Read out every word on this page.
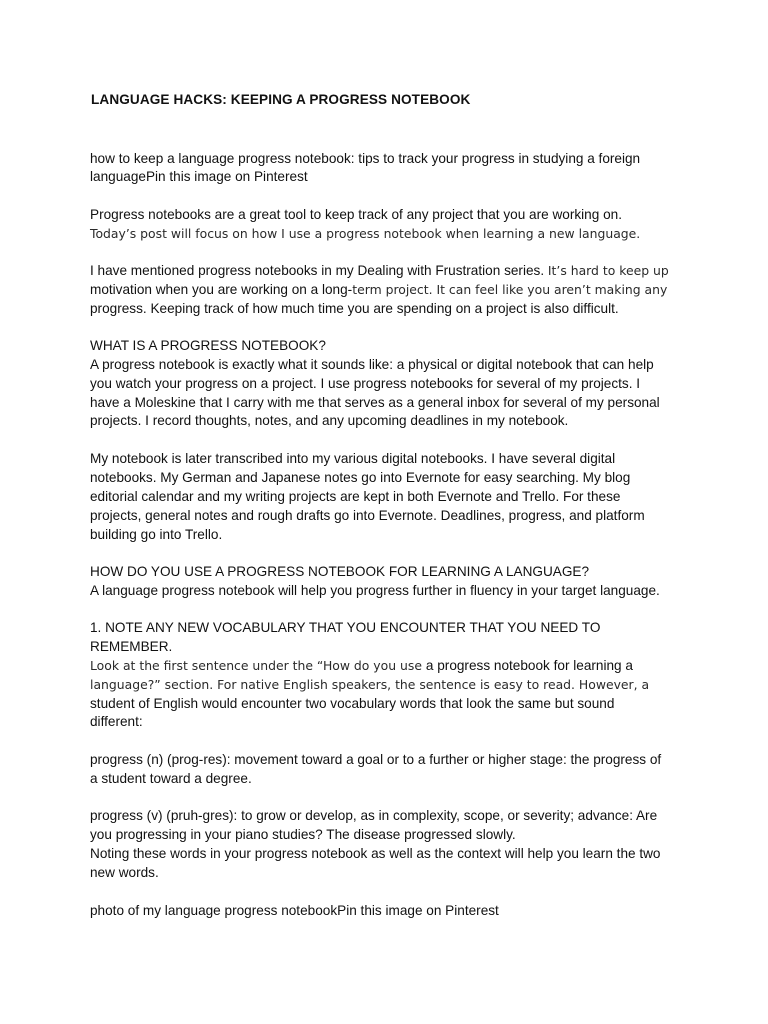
LANGUAGE HACKS: KEEPING A PROGRESS NOTEBOOK
how to keep a language progress notebook: tips to track your progress in studying a foreign
languagePin this image on Pinterest
Progress notebooks are a great tool to keep track of any project that you are working on.
Today’s post will focus on how I use a progress notebook when learning a new language.
I have mentioned progress notebooks in my Dealing with Frustration series. It’s hard to keep up
motivation when you are working on a long-term project. It can feel like you aren’t making any
progress. Keeping track of how much time you are spending on a project is also difficult.
WHAT IS A PROGRESS NOTEBOOK?
A progress notebook is exactly what it sounds like: a physical or digital notebook that can help
you watch your progress on a project. I use progress notebooks for several of my projects. I
have a Moleskine that I carry with me that serves as a general inbox for several of my personal
projects. I record thoughts, notes, and any upcoming deadlines in my notebook.
My notebook is later transcribed into my various digital notebooks. I have several digital
notebooks. My German and Japanese notes go into Evernote for easy searching. My blog
editorial calendar and my writing projects are kept in both Evernote and Trello. For these
projects, general notes and rough drafts go into Evernote. Deadlines, progress, and platform
building go into Trello.
HOW DO YOU USE A PROGRESS NOTEBOOK FOR LEARNING A LANGUAGE?
A language progress notebook will help you progress further in fluency in your target language.
1. NOTE ANY NEW VOCABULARY THAT YOU ENCOUNTER THAT YOU NEED TO
REMEMBER.
Look at the first sentence under the “How do you use a progress notebook for learning a
language?” section. For native English speakers, the sentence is easy to read. However, a
student of English would encounter two vocabulary words that look the same but sound
different:
progress (n) (prog-res): movement toward a goal or to a further or higher stage: the progress of
a student toward a degree.
progress (v) (pruh-gres): to grow or develop, as in complexity, scope, or severity; advance: Are
you progressing in your piano studies? The disease progressed slowly.
Noting these words in your progress notebook as well as the context will help you learn the two
new words.
photo of my language progress notebookPin this image on Pinterest
